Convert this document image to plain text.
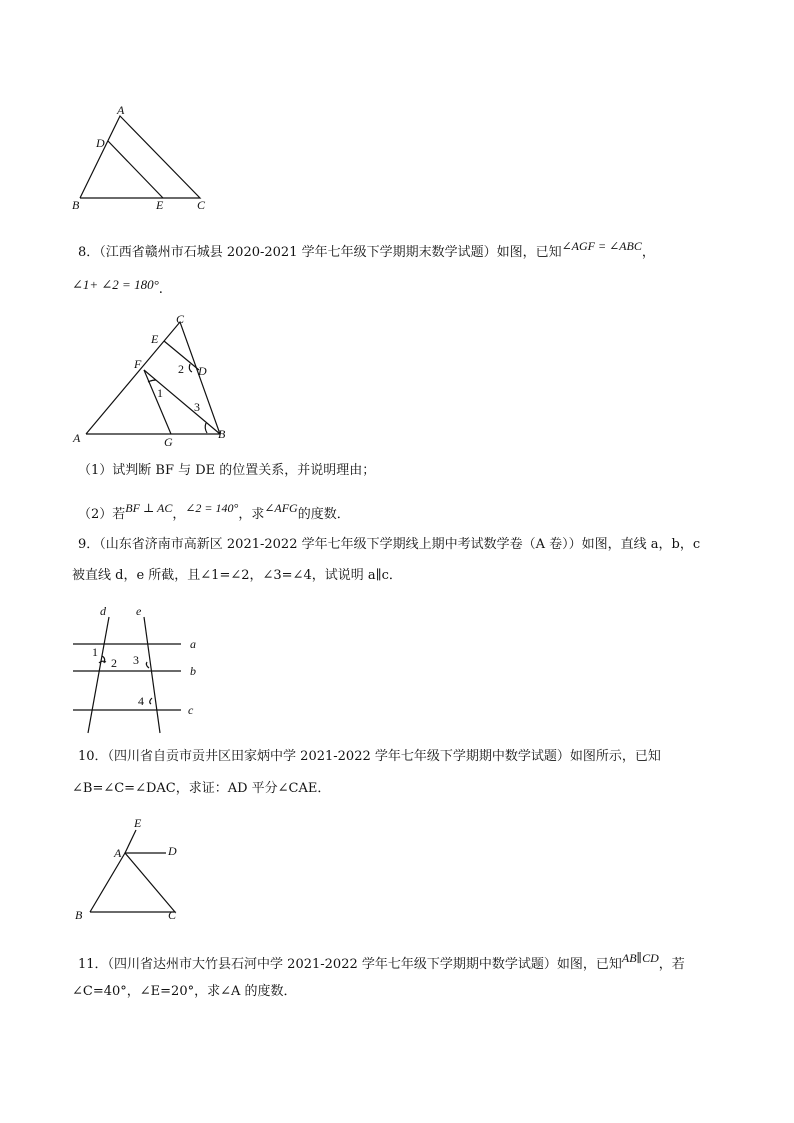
A
D
B	E	C
8．（江西省赣州市石城县 2020-2021 学年七年级下学期期末数学试题）如图，已知∠AGF = ∠ABC，
∠1+ ∠2 = 180°.
C
E
F	D
2
1
3
A	G
B
（1）试判断 BF 与 DE 的位置关系，并说明理由；
（2）若BF ⊥ AC，∠2 = 140°，求∠AFG的度数．
9．（山东省济南市高新区 2021-2022 学年七年级下学期线上期中考试数学卷（A 卷））如图，直线 a，b，c
被直线 d，e 所截，且∠1=∠2，∠3=∠4，试说明 a∥c．
d	e
a
b
c
1
2 3
4
10．（四川省自贡市贡井区田家炳中学 2021-2022 学年七年级下学期期中数学试题）如图所示，已知
∠B=∠C=∠DAC，求证：AD 平分∠CAE．
E
A	D
B	C
11．（四川省达州市大竹县石河中学 2021-2022 学年七年级下学期期中数学试题）如图，已知AB∥CD，若
∠C=40°，∠E=20°，求∠A 的度数．
